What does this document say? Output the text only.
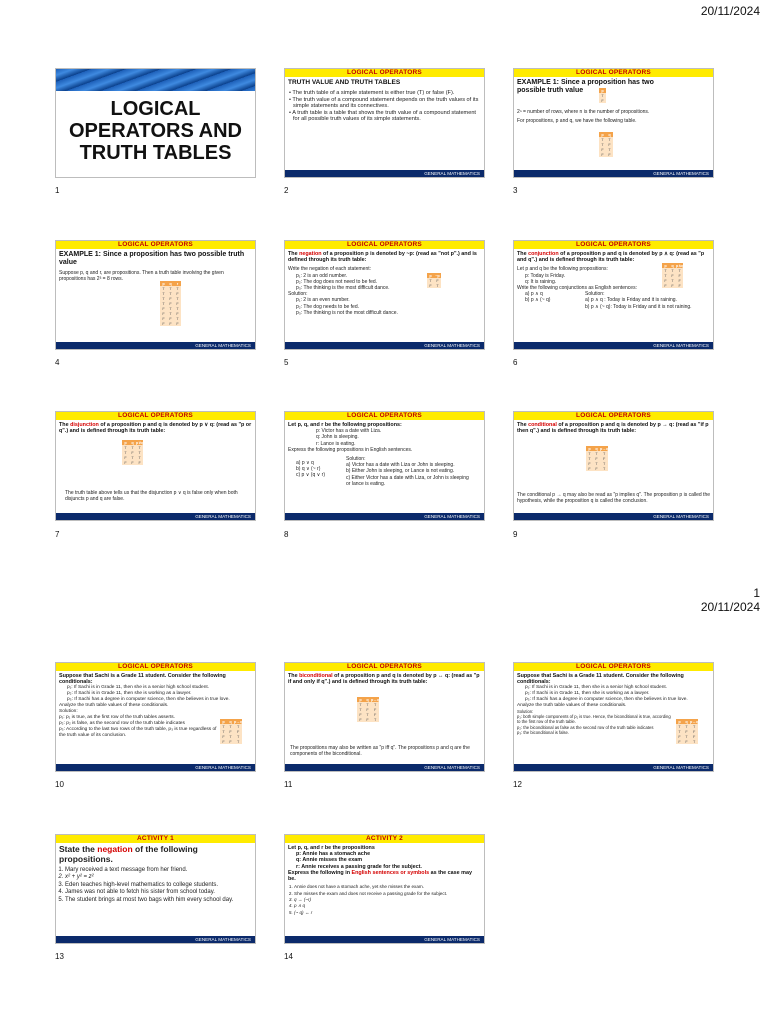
20/11/2024
LOGICAL OPERATORS AND TRUTH TABLES
1
LOGICAL OPERATORS
TRUTH VALUE AND TRUTH TABLES
• The truth table of a simple statement is either true (T) or false (F).
• The truth value of a compound statement depends on the truth values of its simple statements and its connectives.
• A truth table is a table that shows the truth value of a compound statement for all possible truth values of its simple statements.
GENERAL MATHEMATICS
2
LOGICAL OPERATORS
EXAMPLE 1: Since a proposition has two possible truth value
2ⁿ = number of rows, where n is the number of propositions.
For propositions, p and q, we have the following table.
p
T
F
p	q
T	T
T	F
F	T
F	F
GENERAL MATHEMATICS
3
LOGICAL OPERATORS
EXAMPLE 1: Since a proposition has two possible truth value
Suppose p, q and r, are propositions. Then a truth table involving the given propositions has 2³ = 8 rows.
p	q	r
T	T	T
T	T	F
T	F	T
T	F	F
F	T	T
F	T	F
F	F	T
F	F	F
GENERAL MATHEMATICS
4
LOGICAL OPERATORS
The negation of a proposition p is denoted by ~p: (read as "not p".) and is defined through its truth table:
Write the negation of each statement:
p₁: 2 is an odd number.
p₂: The dog does not need to be fed.
p₃: The thinking is the most difficult dance.
Solution:
p₁: 2 is an even number.
p₂: The dog needs to be fed.
p₃: The thinking is not the most difficult dance.
p	~p
T	F
F	T
GENERAL MATHEMATICS
5
LOGICAL OPERATORS
The conjunction of a proposition p and q is denoted by p ∧ q: (read as "p and q".) and is defined through its truth table:
Let p and q be the following propositions:
p: Today is Friday.
q: It is raining.
Write the following conjunctions as English sentences:
a) p ∧ q
b) p ∧ (~ q)
Solution:
a) p ∧ q : Today is Friday and it is raining.
b) p ∧ (~ q): Today is Friday and it is not raining.
p	q	p∧q
T	T	T
T	F	F
F	T	F
F	F	F
GENERAL MATHEMATICS
6
LOGICAL OPERATORS
The disjunction of a proposition p and q is denoted by p ∨ q: (read as "p or q".) and is defined through its truth table:
p	q	p∨q
T	T	T
T	F	T
F	T	T
F	F	F
The truth table above tells us that the disjunction p ∨ q is false only when both disjuncts p and q are false.
GENERAL MATHEMATICS
7
LOGICAL OPERATORS
Let p, q, and r be the following propositions:
p: Victor has a date with Liza.
q: John is sleeping.
r: Lance is eating.
Express the following propositions in English sentences.
a) p ∨ q
b) q ∨ (~ r)
c) p ∨ (q ∨ r)
Solution:
a) Victor has a date with Liza or John is sleeping.
b) Either John is sleeping, or Lance is not eating.
c) Either Victor has a date with Liza, or John is sleeping or lance is eating.
GENERAL MATHEMATICS
8
LOGICAL OPERATORS
The conditional of a proposition p and q is denoted by p → q: (read as "if p then q".) and is defined through its truth table:
p	q	p→q
T	T	T
T	F	F
F	T	T
F	F	T
The conditional p → q may also be read as "p implies q". The proposition p is called the hypothesis, while the proposition q is called the conclusion.
GENERAL MATHEMATICS
9
1
20/11/2024
LOGICAL OPERATORS
Suppose that Sachi is a Grade 11 student. Consider the following conditionals:
p₁: If Sachi is in Grade 11, then she is a senior high school student.
p₂: If Sachi is in Grade 11, then she is working as a lawyer.
p₃: If Sachi has a degree in computer science, then she believes in true love.
Analyze the truth table values of these conditionals.
Solution:
p₁: p₁ is true, as the first row of the truth tables asserts.
p₂: p₂ is false, as the second row of the truth table indicates
p₃: According to the last two rows of the truth table, p₃ is true regardless of the truth value of its conclusion.
p	q	p→q
T	T	T
T	F	F
F	T	T
F	F	T
GENERAL MATHEMATICS
10
LOGICAL OPERATORS
The biconditional of a proposition p and q is denoted by p ↔ q: (read as "p if and only if q".) and is defined through its truth table:
p	q	p↔q
T	T	T
T	F	F
F	T	F
F	F	T
The propositions may also be written as "p iff q". The propositions p and q are the components of the biconditional.
GENERAL MATHEMATICS
11
LOGICAL OPERATORS
Suppose that Sachi is a Grade 11 student. Consider the following conditionals:
p₁: If Sachi is in Grade 11, then she is a senior high school student.
p₂: If Sachi is in Grade 11, then she is working as a lawyer.
p₃: If Sachi has a degree in computer science, then she believes in true love.
Analyze the truth table values of these conditionals.
Solution:
p₁: both simple components of p₁ is true. Hence, the biconditional is true, according to the first row of the truth table.
p₂: the biconditional as false as the second row of the truth table indicates
p₃: the biconditional is false.
p	q	p↔q
T	T	T
T	F	F
F	T	F
F	F	T
GENERAL MATHEMATICS
12
ACTIVITY 1
State the negation of the following propositions.
1. Mary received a text message from her friend.
2. x² + y² = z²
3. Eden teaches high-level mathematics to college students.
4. James was not able to fetch his sister from school today.
5. The student brings at most two bags with him every school day.
GENERAL MATHEMATICS
13
ACTIVITY 2
Let p, q, and r be the propositions
p: Annie has a stomach ache
q: Annie misses the exam
r: Annie receives a passing grade for the subject.
Express the following in English sentences or symbols as the case may be.
1. Annie does not have a stomach ache, yet she misses the exam.
2. She misses the exam and does not receive a passing grade for the subject.
3. q → (~r)
4. p ∧ q
5. (~ q) ↔ r
GENERAL MATHEMATICS
14
